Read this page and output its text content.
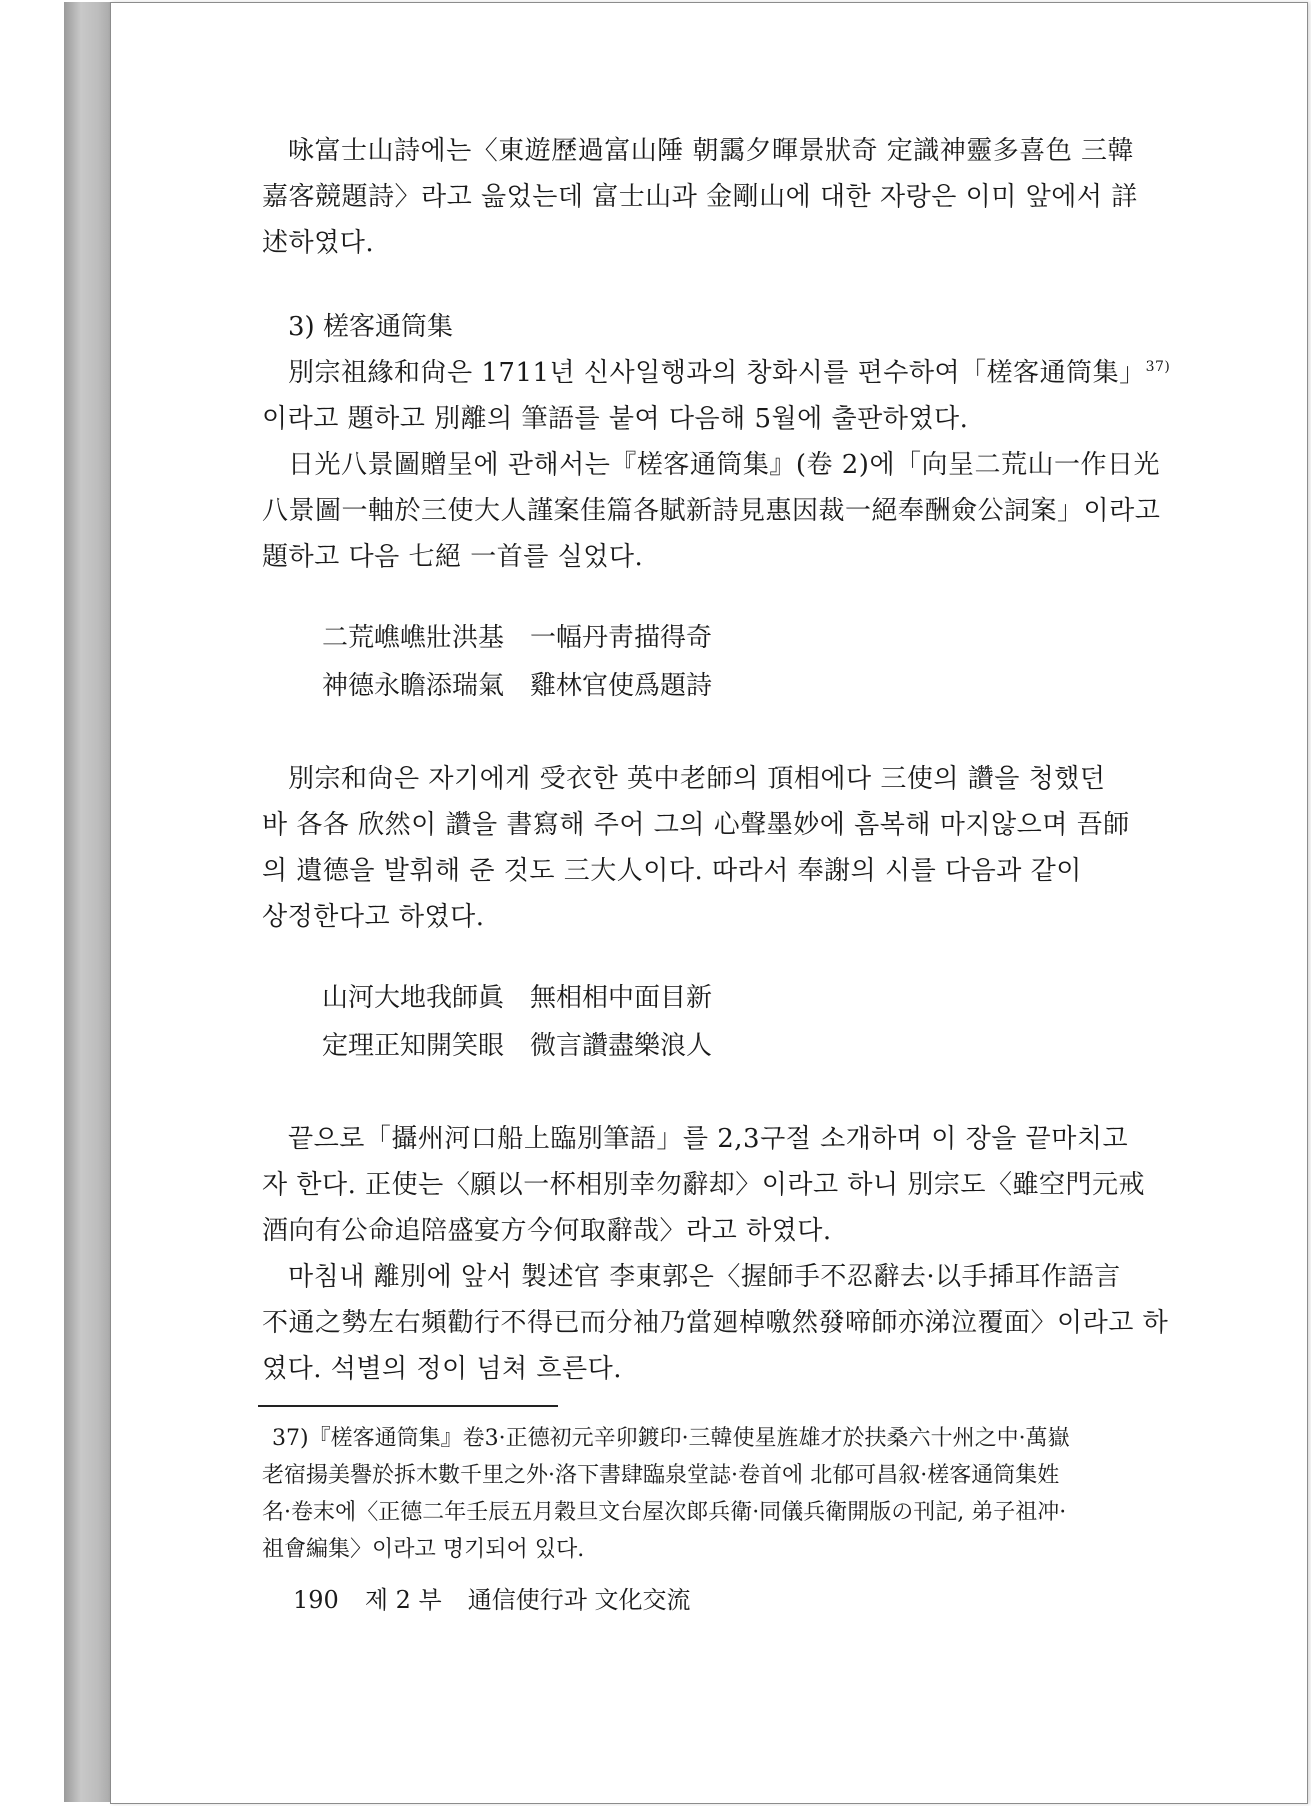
咏富士山詩에는〈東遊歷過富山陲 朝靄夕暉景狀奇 定識神靈多喜色 三韓
嘉客競題詩〉라고 읊었는데 富士山과 金剛山에 대한 자랑은 이미 앞에서 詳
述하였다.

3) 槎客通筒集

別宗祖緣和尙은 1711년 신사일행과의 창화시를 편수하여「槎客通筒集」$^{37)}$
이라고 題하고 別離의 筆語를 붙여 다음해 5월에 출판하였다.

日光八景圖贈呈에 관해서는『槎客通筒集』(卷 2)에「向呈二荒山一作日光
八景圖一軸於三使大人謹案佳篇各賦新詩見惠因裁一絕奉酬僉公詞案」이라고
題하고 다음 七絕 一首를 실었다.

二荒嶕嶕壯洪基　一幅丹靑描得奇

神德永瞻添瑞氣　雞林官使爲題詩

別宗和尙은 자기에게 受衣한 英中老師의 頂相에다 三使의 讚을 청했던
바 各各 欣然이 讚을 書寫해 주어 그의 心聲墨妙에 흠복해 마지않으며 吾師
의 遺德을 발휘해 준 것도 三大人이다. 따라서 奉謝의 시를 다음과 같이
상정한다고 하였다.

山河大地我師眞　無相相中面目新

定理正知開笑眼　微言讚盡樂浪人

끝으로「攝州河口船上臨別筆語」를 2,3구절 소개하며 이 장을 끝마치고
자 한다. 正使는〈願以一杯相別幸勿辭却〉이라고 하니 別宗도〈雖空門元戒
酒向有公命追陪盛宴方今何取辭哉〉라고 하였다.

마침내 離別에 앞서 製述官 李東郭은〈握師手不忍辭去·以手揷耳作語言
不通之勢左右頻勸行不得已而分袖乃當廻棹噭然發啼師亦涕泣覆面〉이라고 하
였다. 석별의 정이 넘쳐 흐른다.

37)『槎客通筒集』卷3·正德初元辛卯鍍印·三韓使星旌雄才於扶桑六十州之中·萬嶽
老宿揚美譽於拆木數千里之外·洛下書肆臨泉堂誌·卷首에 北郁可昌叙·槎客通筒集姓
名·卷末에〈正德二年壬辰五月穀旦文台屋次郞兵衛·同儀兵衛開版の刊記, 弟子祖冲·
祖會編集〉이라고 명기되어 있다.
190 제 2 부 通信使行과 文化交流
